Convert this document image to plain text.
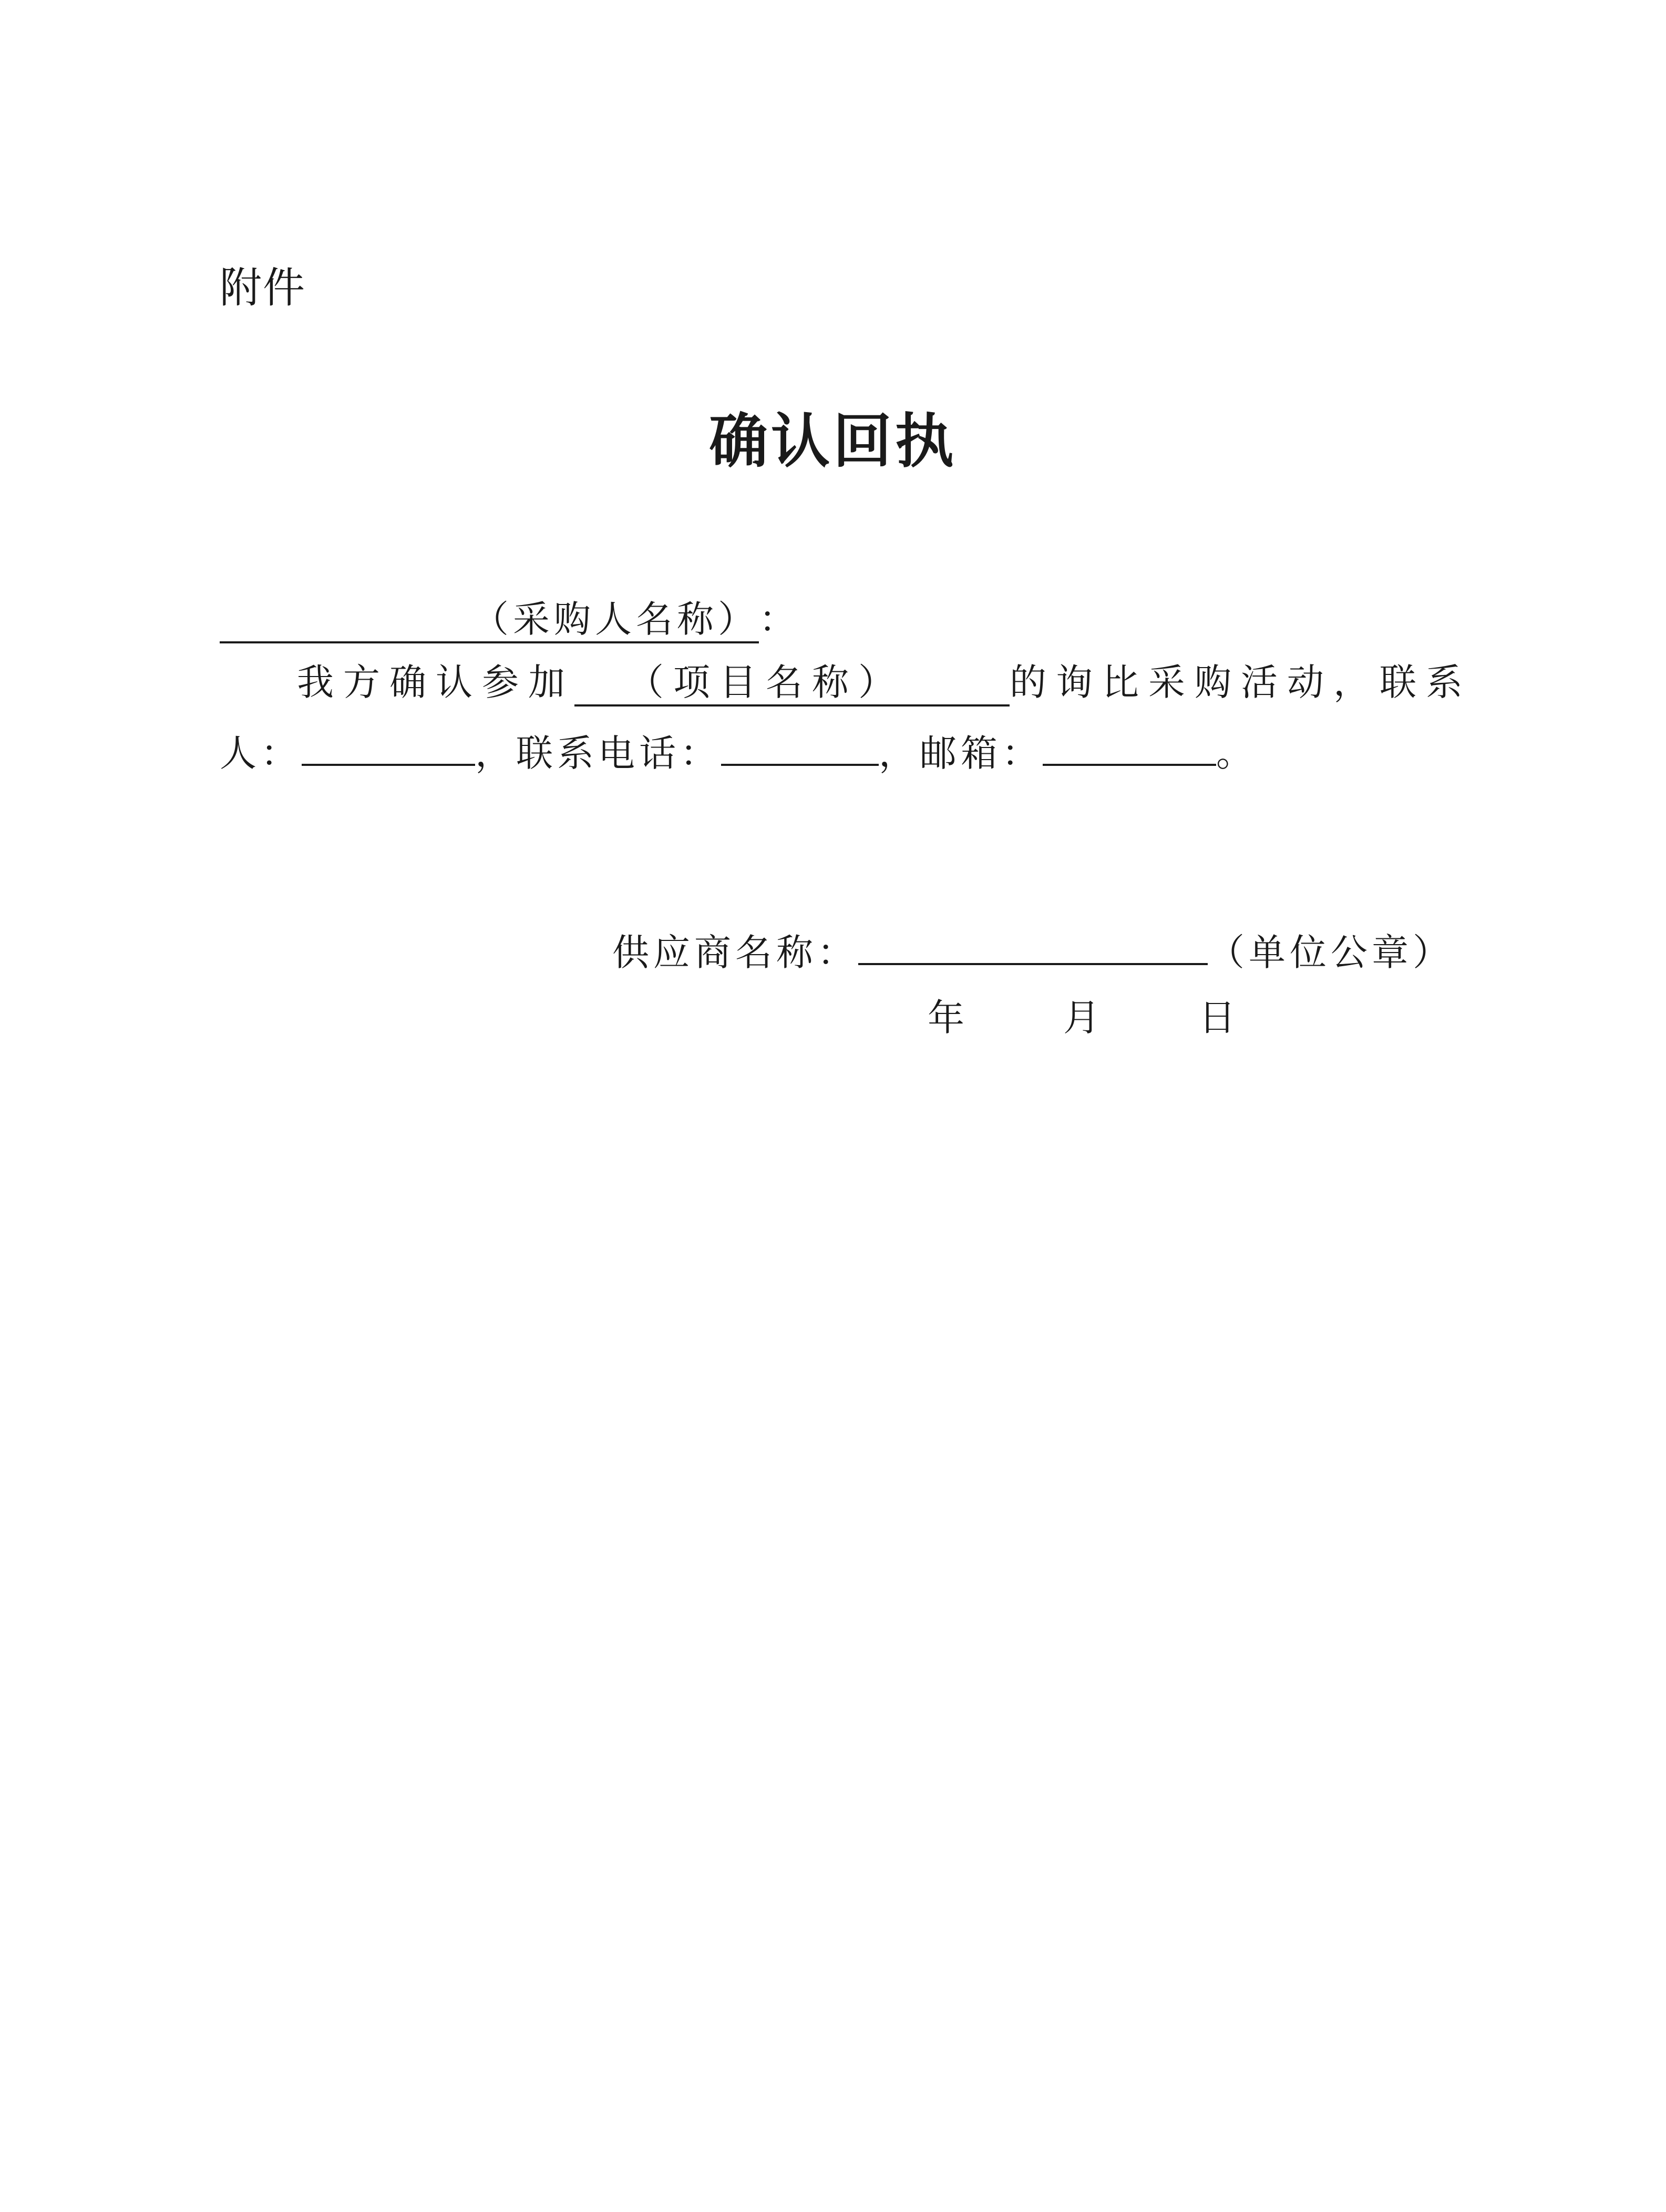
附件
确认回执
（采购人名称）：
我方确认参加 （项目名称）	的询比采购活动，联系
人：	，联系电话：	，邮箱：	。
供应商名称：	（单位公章）
年	月	日
